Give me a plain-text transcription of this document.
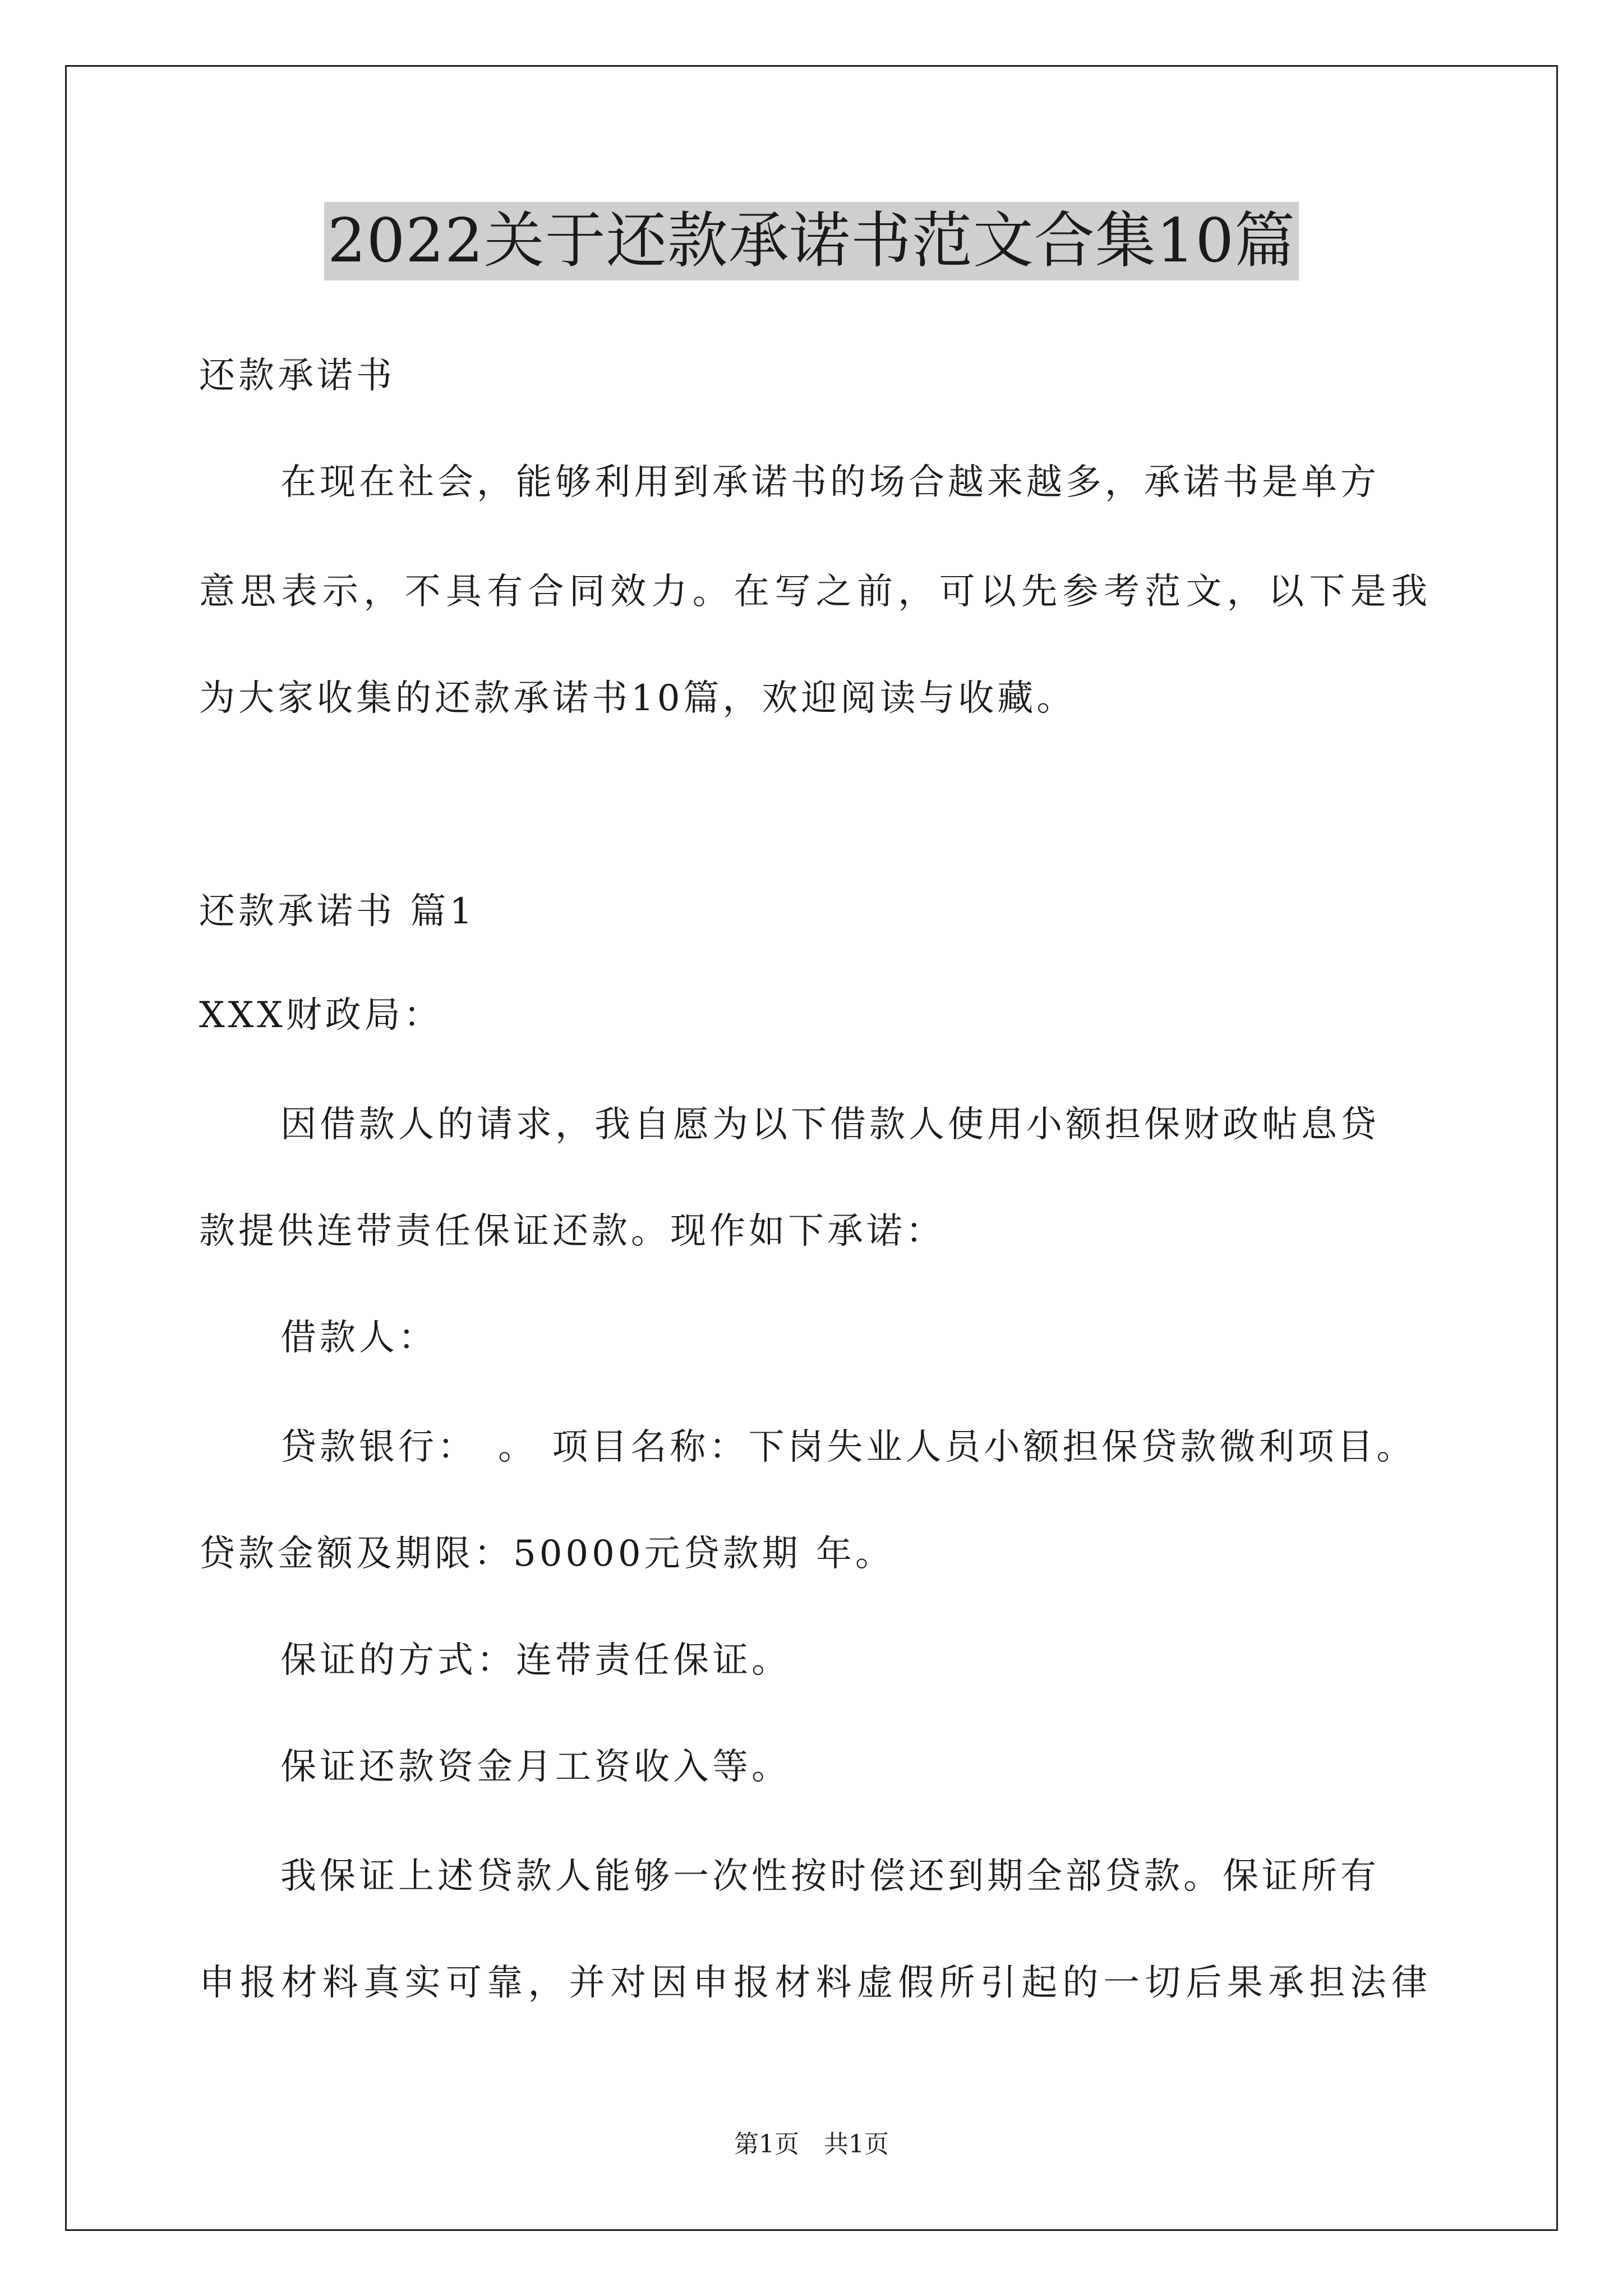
2022关于还款承诺书范文合集10篇
还款承诺书
在现在社会，能够利用到承诺书的场合越来越多，承诺书是单方
意思表示，不具有合同效力。在写之前，可以先参考范文，以下是我
为大家收集的还款承诺书10篇，欢迎阅读与收藏。
还款承诺书 篇1
XXX财政局：
因借款人的请求，我自愿为以下借款人使用小额担保财政帖息贷
款提供连带责任保证还款。现作如下承诺：
借款人：
贷款银行：　。 项目名称：下岗失业人员小额担保贷款微利项目。
贷款金额及期限：50000元贷款期 年。
保证的方式：连带责任保证。
保证还款资金月工资收入等。
我保证上述贷款人能够一次性按时偿还到期全部贷款。保证所有
申报材料真实可靠，并对因申报材料虚假所引起的一切后果承担法律
第1页　共1页
